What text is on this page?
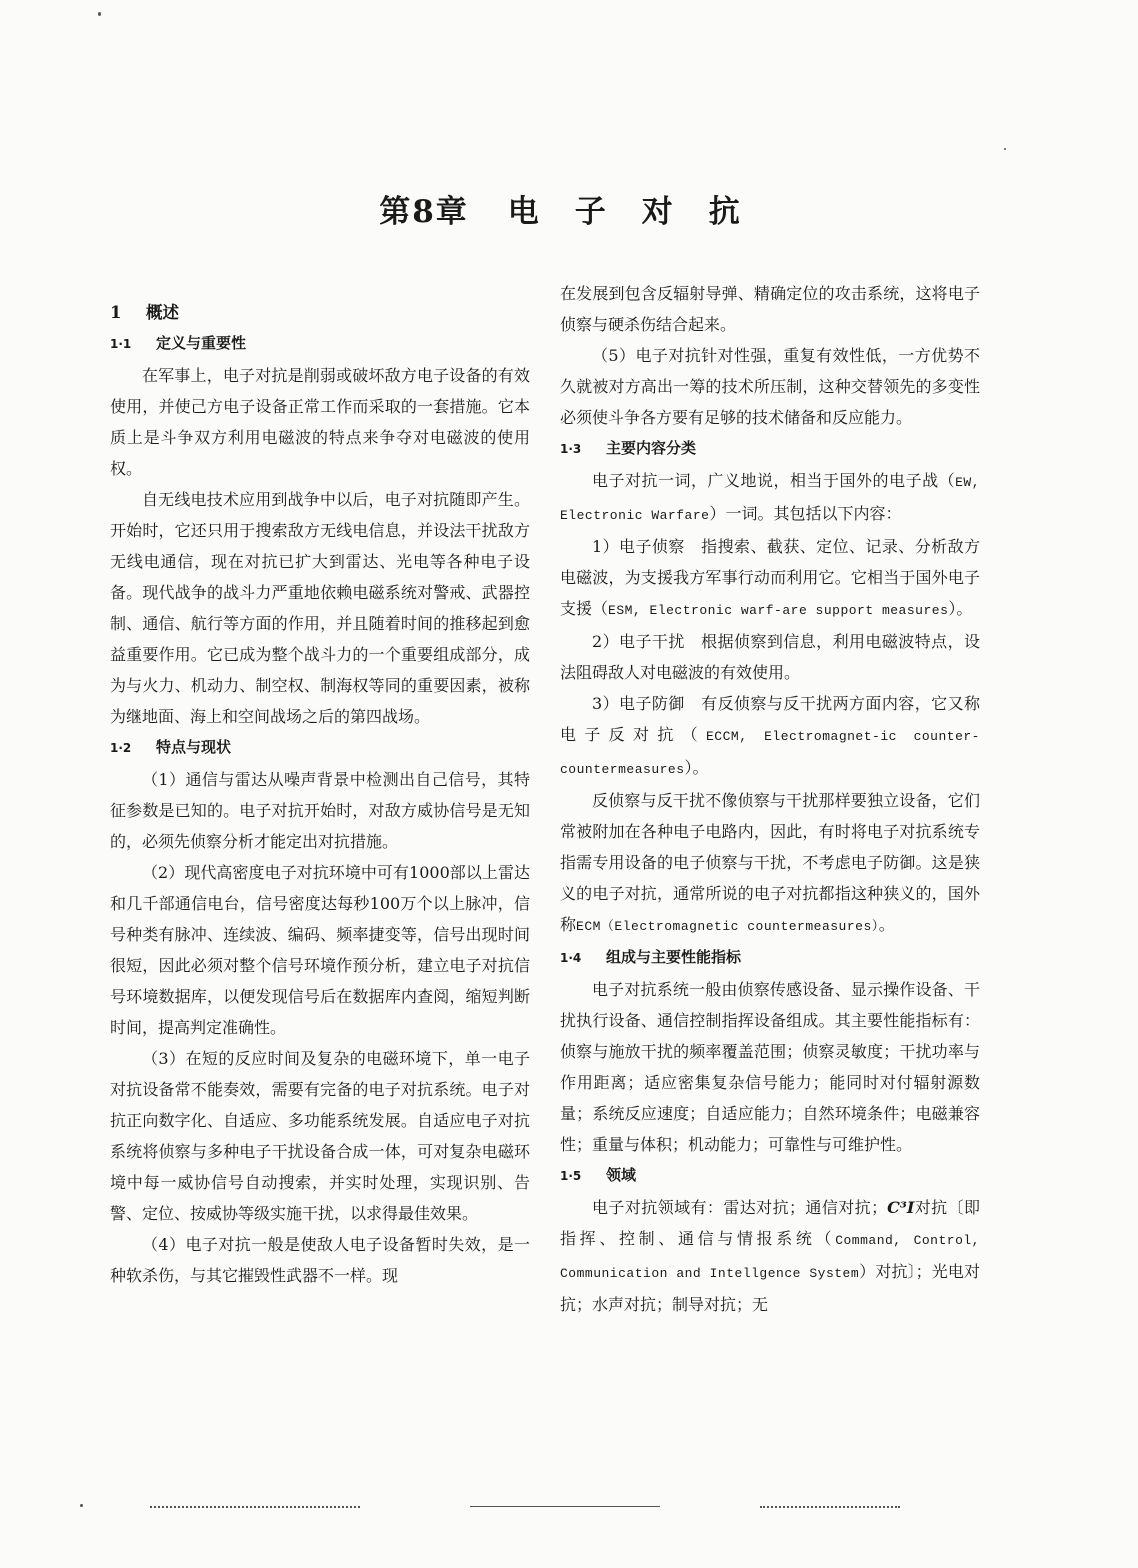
第8章 电 子 对 抗
1 概述
1·1 定义与重要性

在军事上，电子对抗是削弱或破坏敌方电子设备的有效使用，并使己方电子设备正常工作而采取的一套措施。它本质上是斗争双方利用电磁波的特点来争夺对电磁波的使用权。

自无线电技术应用到战争中以后，电子对抗随即产生。开始时，它还只用于搜索敌方无线电信息，并设法干扰敌方无线电通信，现在对抗已扩大到雷达、光电等各种电子设备。现代战争的战斗力严重地依赖电磁系统对警戒、武器控制、通信、航行等方面的作用，并且随着时间的推移起到愈益重要作用。它已成为整个战斗力的一个重要组成部分，成为与火力、机动力、制空权、制海权等同的重要因素，被称为继地面、海上和空间战场之后的第四战场。

1·2 特点与现状

（1）通信与雷达从噪声背景中检测出自己信号，其特征参数是已知的。电子对抗开始时，对敌方威协信号是无知的，必须先侦察分析才能定出对抗措施。

（2）现代高密度电子对抗环境中可有1000部以上雷达和几千部通信电台，信号密度达每秒100万个以上脉冲，信号种类有脉冲、连续波、编码、频率捷变等，信号出现时间很短，因此必须对整个信号环境作预分析，建立电子对抗信号环境数据库，以便发现信号后在数据库内查阅，缩短判断时间，提高判定准确性。

（3）在短的反应时间及复杂的电磁环境下，单一电子对抗设备常不能奏效，需要有完备的电子对抗系统。电子对抗正向数字化、自适应、多功能系统发展。自适应电子对抗系统将侦察与多种电子干扰设备合成一体，可对复杂电磁环境中每一威协信号自动搜索，并实时处理，实现识别、告警、定位、按威协等级实施干扰，以求得最佳效果。

（4）电子对抗一般是使敌人电子设备暂时失效，是一种软杀伤，与其它摧毁性武器不一样。现

在发展到包含反辐射导弹、精确定位的攻击系统，这将电子侦察与硬杀伤结合起来。

（5）电子对抗针对性强，重复有效性低，一方优势不久就被对方高出一筹的技术所压制，这种交替领先的多变性必须使斗争各方要有足够的技术储备和反应能力。

1·3 主要内容分类

电子对抗一词，广义地说，相当于国外的电子战（EW, Electronic Warfare）一词。其包括以下内容：

1）电子侦察　指搜索、截获、定位、记录、分析敌方电磁波，为支援我方军事行动而利用它。它相当于国外电子支援（ESM, Electronic warf-are support measures）。

2）电子干扰　根据侦察到信息，利用电磁波特点，设法阻碍敌人对电磁波的有效使用。

3）电子防御　有反侦察与反干扰两方面内容，它又称电子反对抗（ECCM, Electromagnet-ic counter-countermeasures）。

反侦察与反干扰不像侦察与干扰那样要独立设备，它们常被附加在各种电子电路内，因此，有时将电子对抗系统专指需专用设备的电子侦察与干扰，不考虑电子防御。这是狭义的电子对抗，通常所说的电子对抗都指这种狭义的，国外称ECM（Electromagnetic countermeasures）。

1·4 组成与主要性能指标

电子对抗系统一般由侦察传感设备、显示操作设备、干扰执行设备、通信控制指挥设备组成。其主要性能指标有：侦察与施放干扰的频率覆盖范围；侦察灵敏度；干扰功率与作用距离；适应密集复杂信号能力；能同时对付辐射源数量；系统反应速度；自适应能力；自然环境条件；电磁兼容性；重量与体积；机动能力；可靠性与可维护性。

1·5 领域

电子对抗领域有：雷达对抗；通信对抗；C³I对抗〔即指挥、控制、通信与情报系统（Command, Control, Communication and Intellgence System）对抗〕；光电对抗；水声对抗；制导对抗；无
